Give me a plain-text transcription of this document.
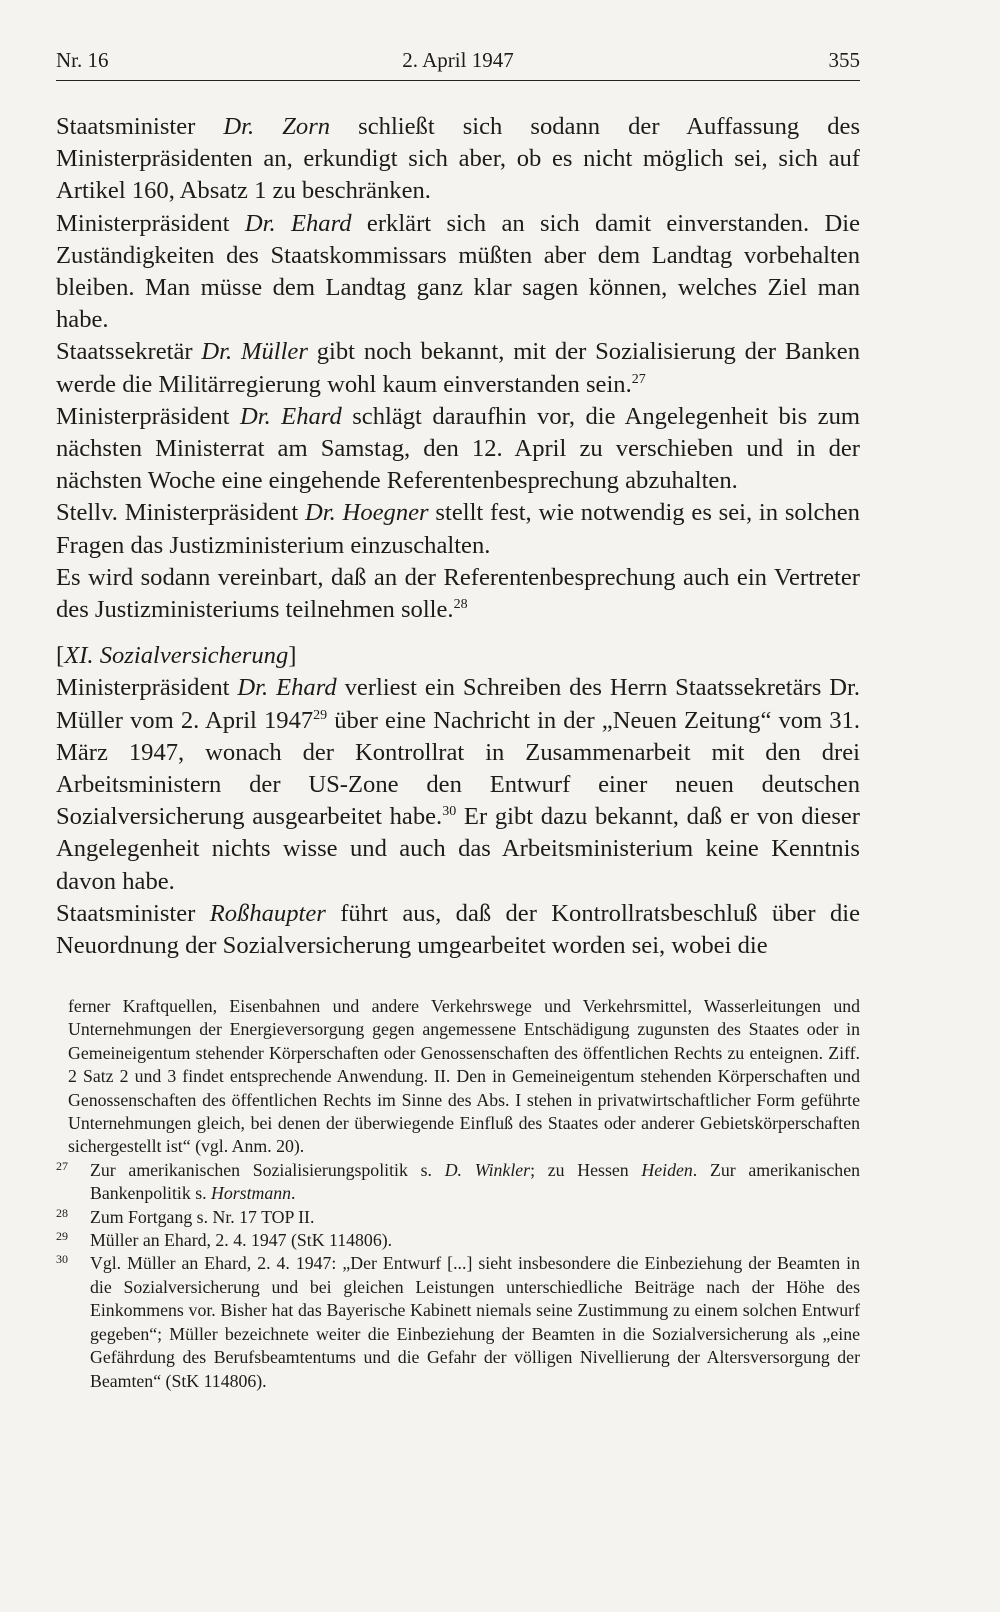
Nr. 16	2. April 1947	355

Staatsminister Dr. Zorn schließt sich sodann der Auffassung des Ministerpräsidenten an, erkundigt sich aber, ob es nicht möglich sei, sich auf Artikel 160, Absatz 1 zu beschränken.

Ministerpräsident Dr. Ehard erklärt sich an sich damit einverstanden. Die Zuständigkeiten des Staatskommissars müßten aber dem Landtag vorbehalten bleiben. Man müsse dem Landtag ganz klar sagen können, welches Ziel man habe.

Staatssekretär Dr. Müller gibt noch bekannt, mit der Sozialisierung der Banken werde die Militärregierung wohl kaum einverstanden sein.$^{27}$

Ministerpräsident Dr. Ehard schlägt daraufhin vor, die Angelegenheit bis zum nächsten Ministerrat am Samstag, den 12. April zu verschieben und in der nächsten Woche eine eingehende Referentenbesprechung abzuhalten.

Stellv. Ministerpräsident Dr. Hoegner stellt fest, wie notwendig es sei, in solchen Fragen das Justizministerium einzuschalten.

Es wird sodann vereinbart, daß an der Referentenbesprechung auch ein Vertreter des Justizministeriums teilnehmen solle.$^{28}$

[XI. Sozialversicherung]

Ministerpräsident Dr. Ehard verliest ein Schreiben des Herrn Staatssekretärs Dr. Müller vom 2. April 1947$^{29}$ über eine Nachricht in der „Neuen Zeitung“ vom 31. März 1947, wonach der Kontrollrat in Zusammenarbeit mit den drei Arbeitsministern der US-Zone den Entwurf einer neuen deutschen Sozialversicherung ausgearbeitet habe.$^{30}$ Er gibt dazu bekannt, daß er von dieser Angelegenheit nichts wisse und auch das Arbeitsministerium keine Kenntnis davon habe.

Staatsminister Roßhaupter führt aus, daß der Kontrollratsbeschluß über die Neuordnung der Sozialversicherung umgearbeitet worden sei, wobei die

ferner Kraftquellen, Eisenbahnen und andere Verkehrswege und Verkehrsmittel, Wasserleitungen und Unternehmungen der Energieversorgung gegen angemessene Entschädigung zugunsten des Staates oder in Gemeineigentum stehender Körperschaften oder Genossenschaften des öffentlichen Rechts zu enteignen. Ziff. 2 Satz 2 und 3 findet entsprechende Anwendung. II. Den in Gemeineigentum stehenden Körperschaften und Genossenschaften des öffentlichen Rechts im Sinne des Abs. I stehen in privatwirtschaftlicher Form geführte Unternehmungen gleich, bei denen der überwiegende Einfluß des Staates oder anderer Gebietskörperschaften sichergestellt ist“ (vgl. Anm. 20).

27	Zur amerikanischen Sozialisierungspolitik s. D. Winkler; zu Hessen Heiden. Zur amerikanischen Bankenpolitik s. Horstmann.
28	Zum Fortgang s. Nr. 17 TOP II.
29	Müller an Ehard, 2. 4. 1947 (StK 114806).
30	Vgl. Müller an Ehard, 2. 4. 1947: „Der Entwurf [...] sieht insbesondere die Einbeziehung der Beamten in die Sozialversicherung und bei gleichen Leistungen unterschiedliche Beiträge nach der Höhe des Einkommens vor. Bisher hat das Bayerische Kabinett niemals seine Zustimmung zu einem solchen Entwurf gegeben“; Müller bezeichnete weiter die Einbeziehung der Beamten in die Sozialversicherung als „eine Gefährdung des Berufsbeamtentums und die Gefahr der völligen Nivellierung der Altersversorgung der Beamten“ (StK 114806).
